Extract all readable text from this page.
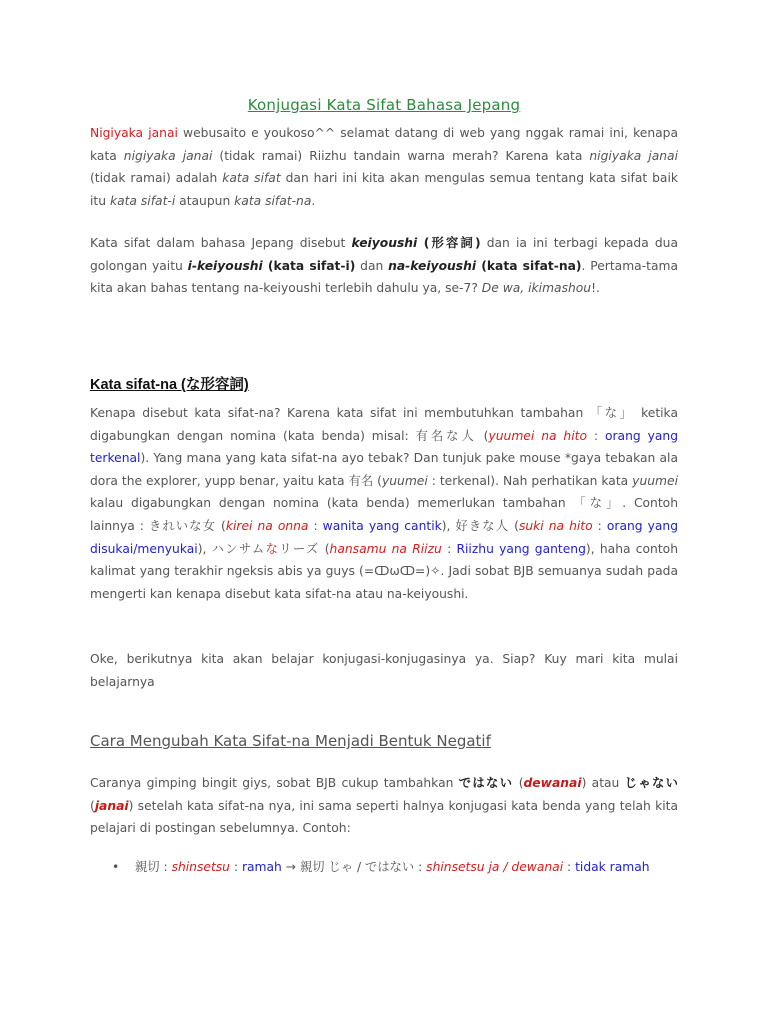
Konjugasi Kata Sifat Bahasa Jepang

Nigiyaka janai webusaito e youkoso^^ selamat datang di web yang nggak ramai ini, kenapa kata nigiyaka janai (tidak ramai) Riizhu tandain warna merah? Karena kata nigiyaka janai (tidak ramai) adalah kata sifat dan hari ini kita akan mengulas semua tentang kata sifat baik itu kata sifat-i ataupun kata sifat-na.

Kata sifat dalam bahasa Jepang disebut keiyoushi (形容詞) dan ia ini terbagi kepada dua golongan yaitu i-keiyoushi (kata sifat-i) dan na-keiyoushi (kata sifat-na). Pertama-tama kita akan bahas tentang na-keiyoushi terlebih dahulu ya, se-7? De wa, ikimashou!.

Kata sifat-na (な形容詞)

Kenapa disebut kata sifat-na? Karena kata sifat ini membutuhkan tambahan 「な」 ketika digabungkan dengan nomina (kata benda) misal: 有名な人 (yuumei na hito : orang yang terkenal). Yang mana yang kata sifat-na ayo tebak? Dan tunjuk pake mouse *gaya tebakan ala dora the explorer, yupp benar, yaitu kata 有名 (yuumei : terkenal). Nah perhatikan kata yuumei kalau digabungkan dengan nomina (kata benda) memerlukan tambahan 「な」. Contoh lainnya : きれいな女 (kirei na onna : wanita yang cantik), 好きな人 (suki na hito : orang yang disukai/menyukai), ハンサムなリーズ (hansamu na Riizu : Riizhu yang ganteng), haha contoh kalimat yang terakhir ngeksis abis ya guys (=ↀωↀ=)✧. Jadi sobat BJB semuanya sudah pada mengerti kan kenapa disebut kata sifat-na atau na-keiyoushi.

Oke, berikutnya kita akan belajar konjugasi-konjugasinya ya. Siap? Kuy mari kita mulai belajarnya

Cara Mengubah Kata Sifat-na Menjadi Bentuk Negatif

Caranya gimping bingit giys, sobat BJB cukup tambahkan ではない (dewanai) atau じゃない (janai) setelah kata sifat-na nya, ini sama seperti halnya konjugasi kata benda yang telah kita pelajari di postingan sebelumnya. Contoh:

• 親切 : shinsetsu : ramah → 親切 じゃ / ではない : shinsetsu ja / dewanai : tidak ramah
